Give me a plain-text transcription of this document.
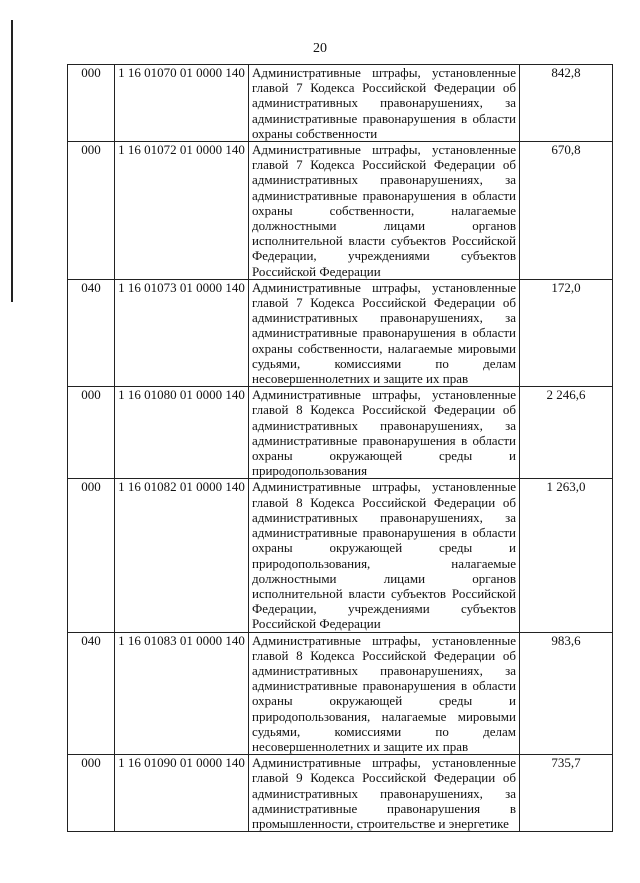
20
000	1 16 01070 01 0000 140	Административные штрафы, установленные главой 7 Кодекса Российской Федерации об административных правонарушениях, за административные правонарушения в области охраны собственности	842,8
000	1 16 01072 01 0000 140	Административные штрафы, установленные главой 7 Кодекса Российской Федерации об административных правонарушениях, за административные правонарушения в области охраны собственности, налагаемые должностными лицами органов исполнительной власти субъектов Российской Федерации, учреждениями субъектов Российской Федерации	670,8
040	1 16 01073 01 0000 140	Административные штрафы, установленные главой 7 Кодекса Российской Федерации об административных правонарушениях, за административные правонарушения в области охраны собственности, налагаемые мировыми судьями, комиссиями по делам несовершеннолетних и защите их прав	172,0
000	1 16 01080 01 0000 140	Административные штрафы, установленные главой 8 Кодекса Российской Федерации об административных правонарушениях, за административные правонарушения в области охраны окружающей среды и природопользования	2 246,6
000	1 16 01082 01 0000 140	Административные штрафы, установленные главой 8 Кодекса Российской Федерации об административных правонарушениях, за административные правонарушения в области охраны окружающей среды и природопользования, налагаемые должностными лицами органов исполнительной власти субъектов Российской Федерации, учреждениями субъектов Российской Федерации	1 263,0
040	1 16 01083 01 0000 140	Административные штрафы, установленные главой 8 Кодекса Российской Федерации об административных правонарушениях, за административные правонарушения в области охраны окружающей среды и природопользования, налагаемые мировыми судьями, комиссиями по делам несовершеннолетних и защите их прав	983,6
000	1 16 01090 01 0000 140	Административные штрафы, установленные главой 9 Кодекса Российской Федерации об административных правонарушениях, за административные правонарушения в промышленности, строительстве и энергетике	735,7
